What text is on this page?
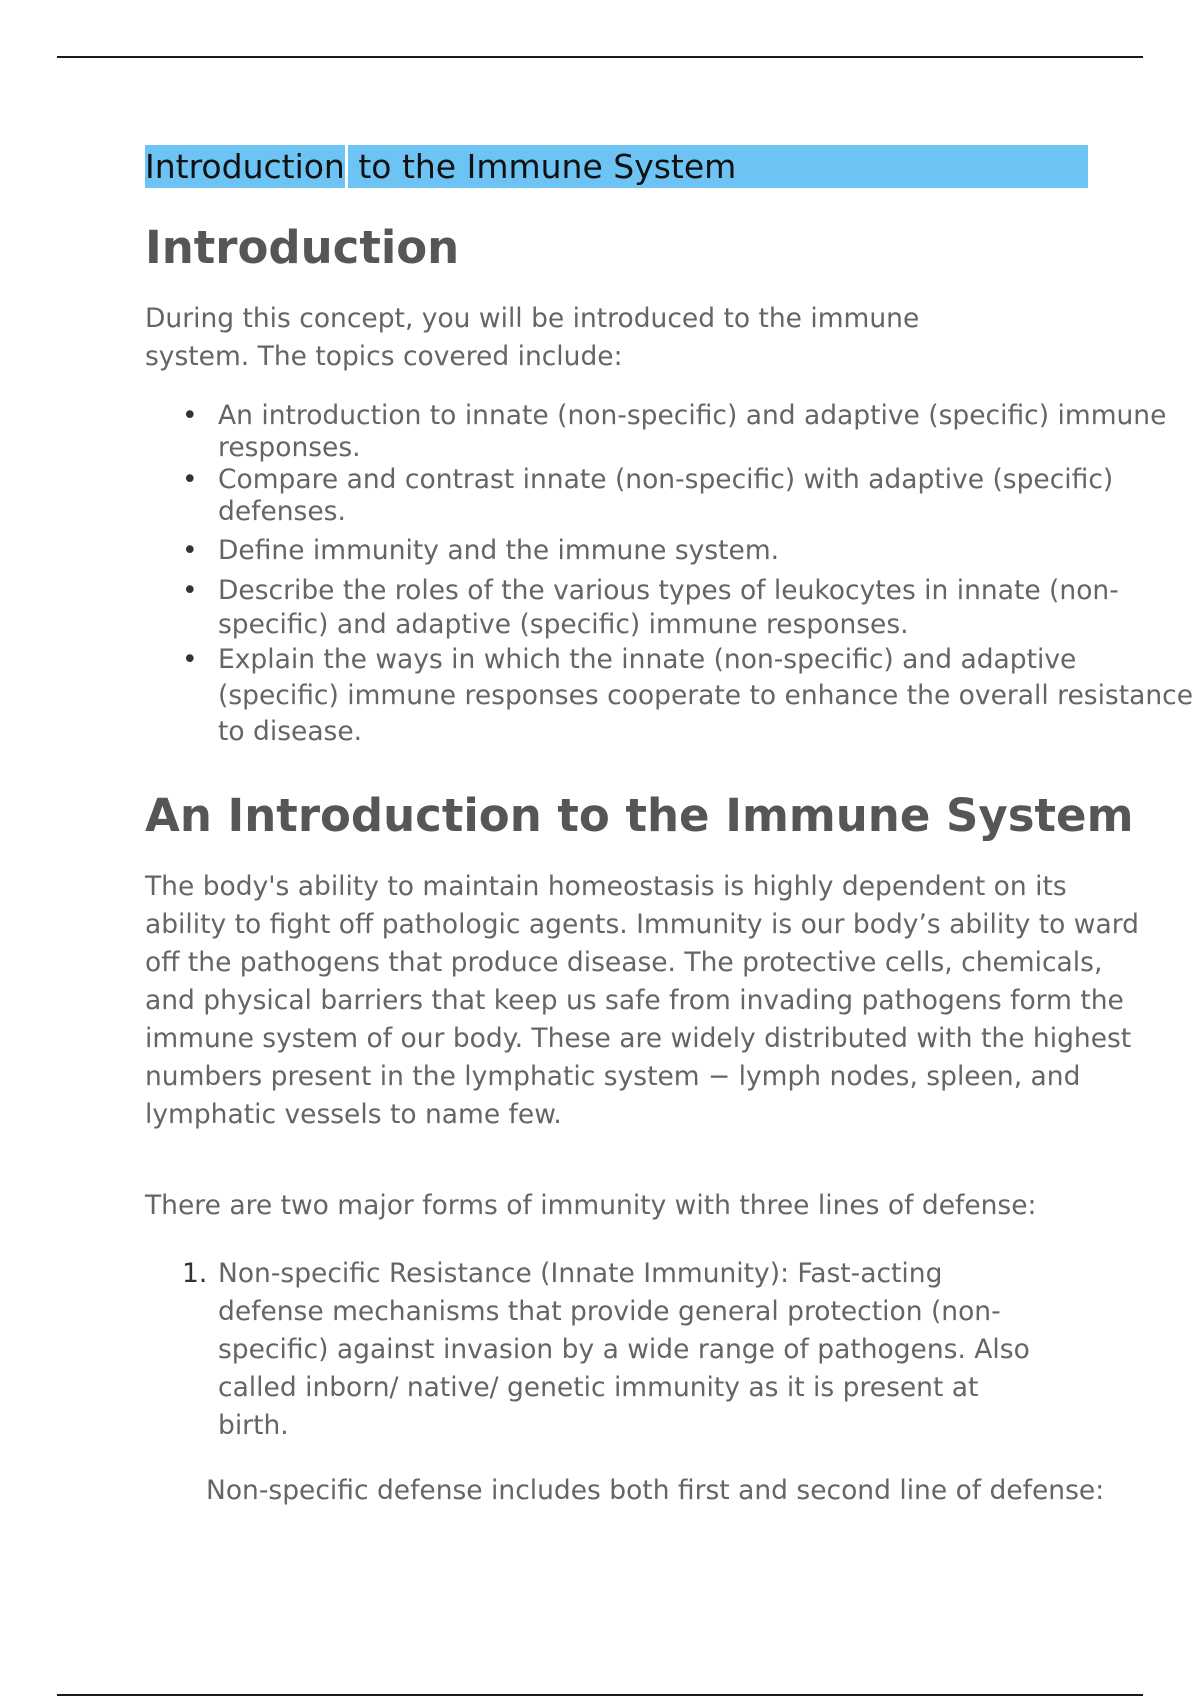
Introduction to the Immune System
Introduction

During this concept, you will be introduced to the immune system. The topics covered include:

• An introduction to innate (non-specific) and adaptive (specific) immune responses.
• Compare and contrast innate (non-specific) with adaptive (specific) defenses.
• Define immunity and the immune system.
• Describe the roles of the various types of leukocytes in innate (non-
specific) and adaptive (specific) immune responses.
• Explain the ways in which the innate (non-specific) and adaptive (specific) immune responses cooperate to enhance the overall resistance to disease.
An Introduction to the Immune System

The body's ability to maintain homeostasis is highly dependent on its ability to fight off pathologic agents. Immunity is our body’s ability to ward off the pathogens that produce disease. The protective cells, chemicals, and physical barriers that keep us safe from invading pathogens form the immune system of our body. These are widely distributed with the highest numbers present in the lymphatic system − lymph nodes, spleen, and lymphatic vessels to name few.

There are two major forms of immunity with three lines of defense:

1. Non-specific Resistance (Innate Immunity): Fast-acting defense mechanisms that provide general protection (non-specific) against invasion by a wide range of pathogens. Also called inborn/ native/ genetic immunity as it is present at birth.

Non-specific defense includes both first and second line of defense:
